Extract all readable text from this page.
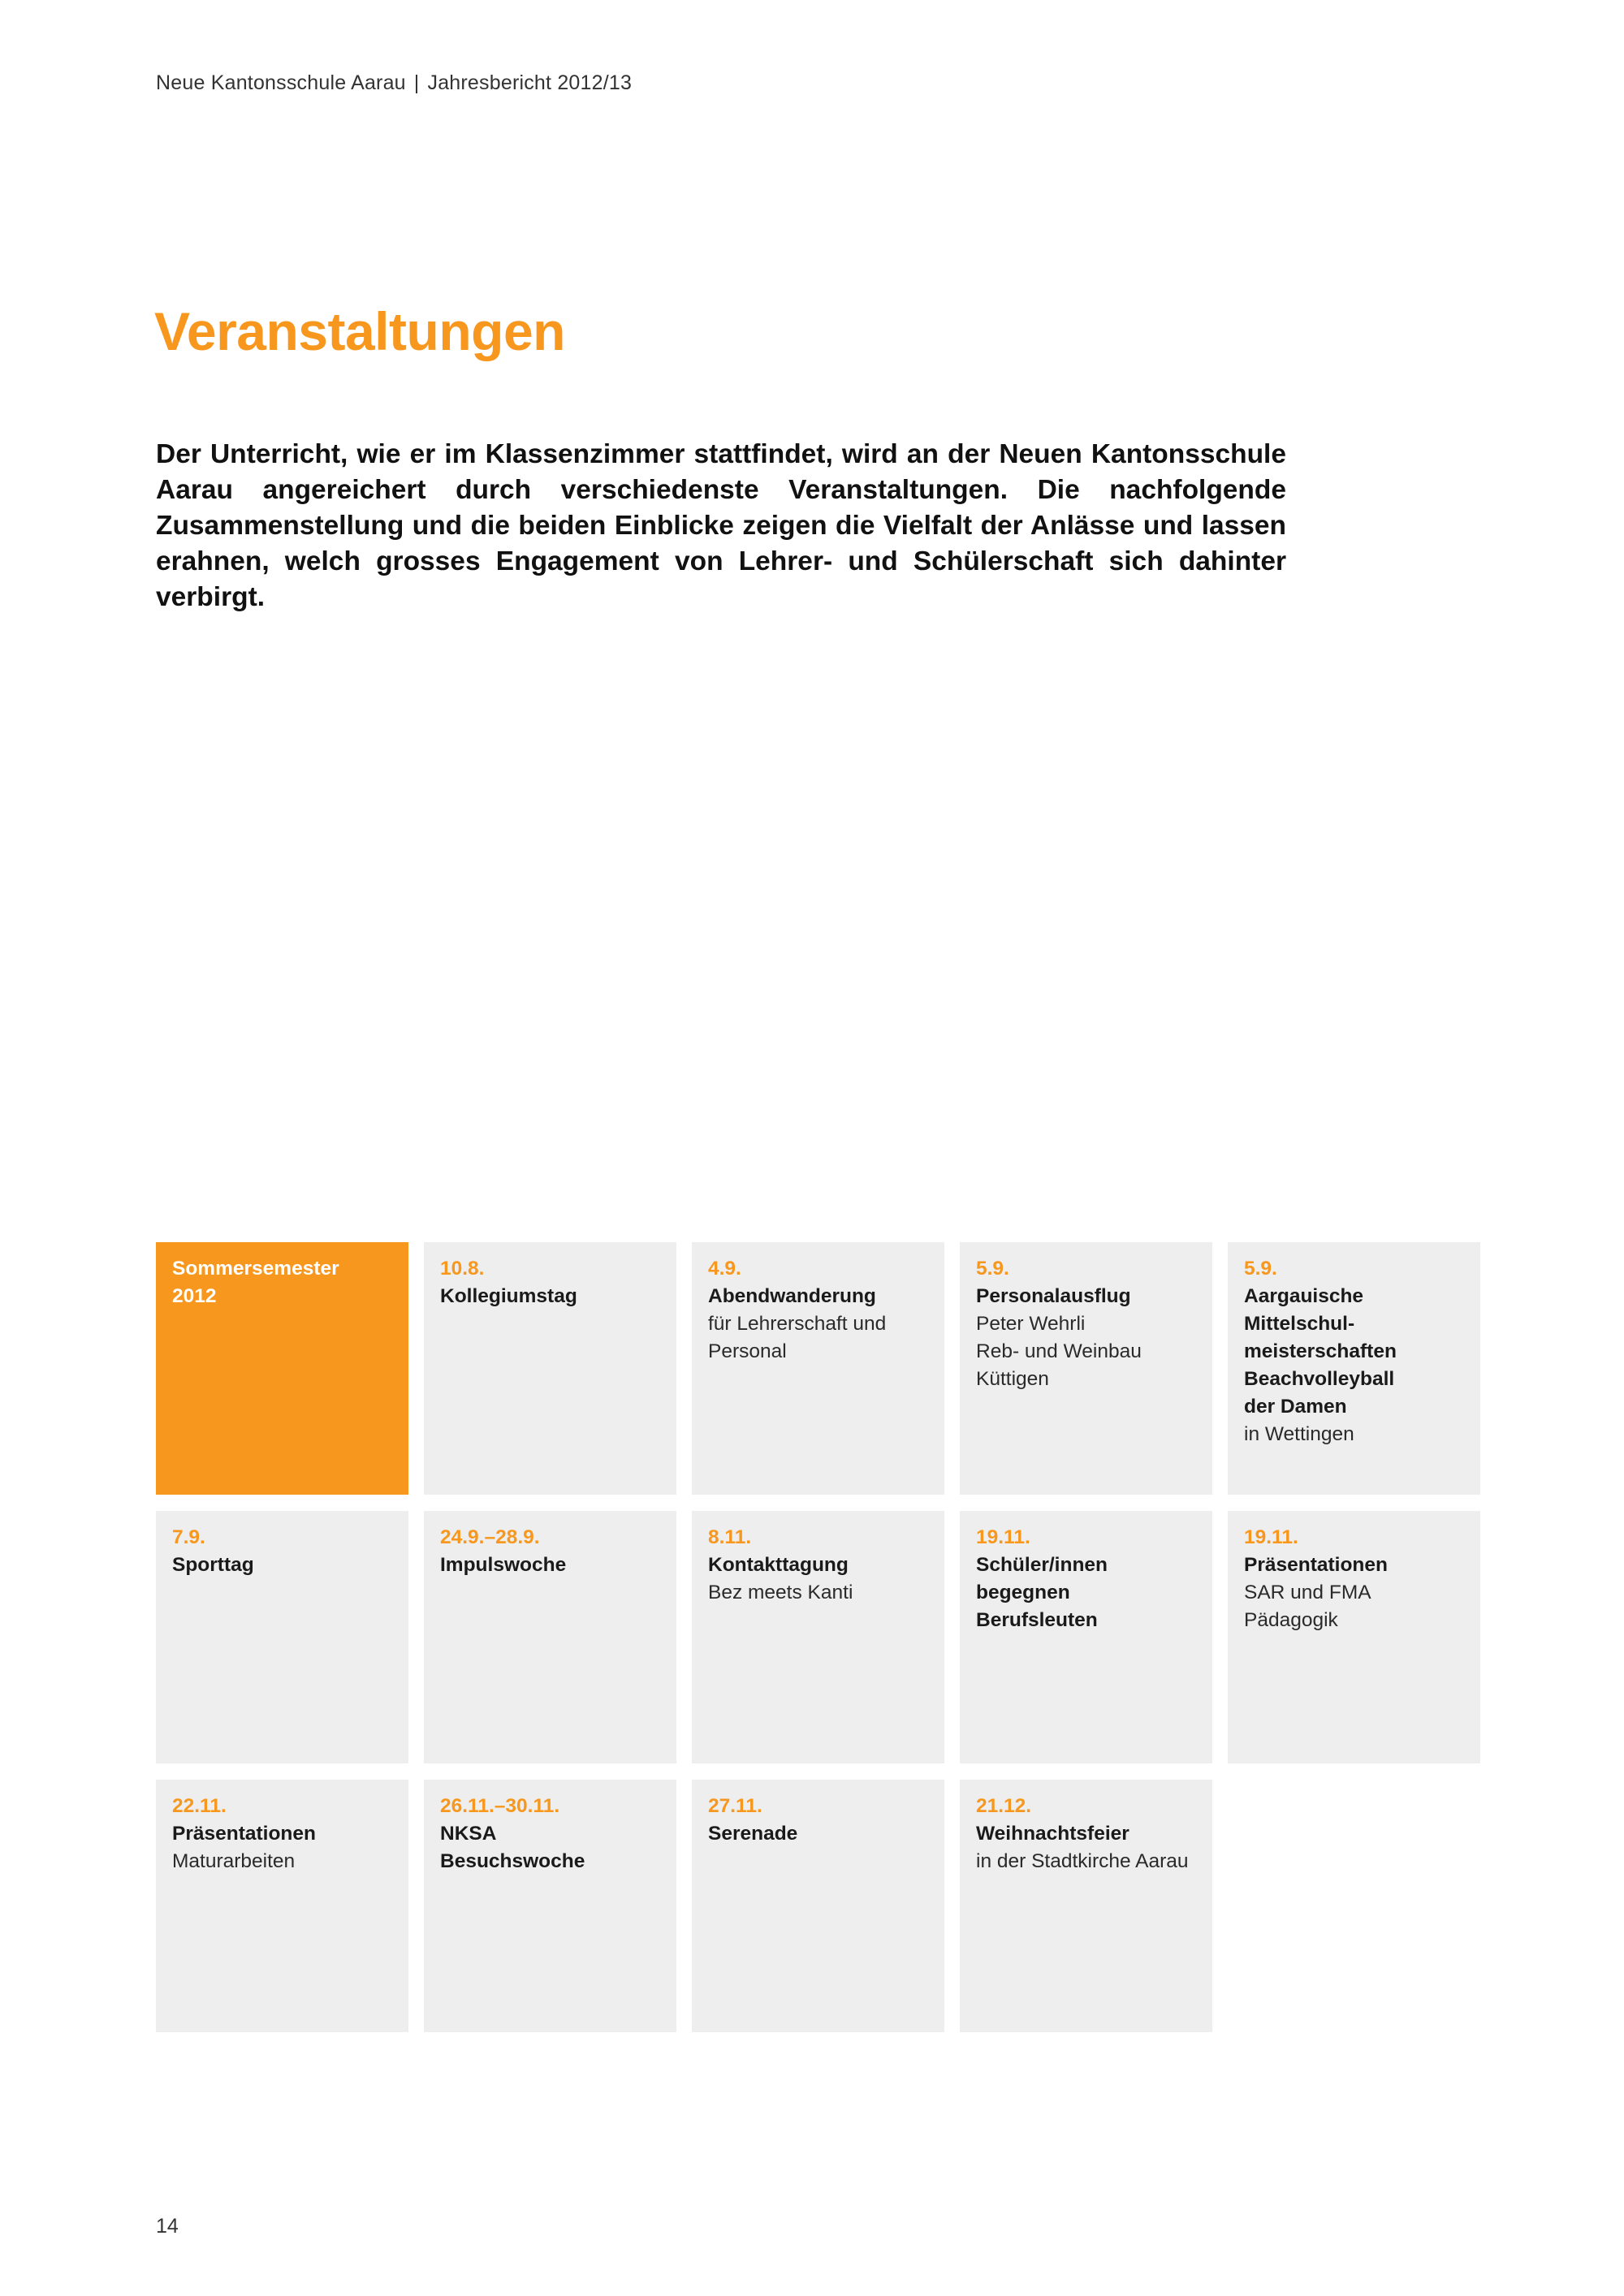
Neue Kantonsschule Aarau | Jahresbericht 2012/13
Veranstaltungen

Der Unterricht, wie er im Klassenzimmer stattfindet, wird an der Neuen Kantonsschule Aarau angereichert durch verschiedenste Veranstaltungen. Die nachfolgende Zusammenstellung und die beiden Einblicke zeigen die Vielfalt der Anlässe und lassen erahnen, welch grosses Engagement von Lehrer- und Schülerschaft sich dahinter verbirgt.

Sommersemester
2012
10.8.
Kollegiumstag
4.9.
Abendwanderung
für Lehrerschaft und
Personal
5.9.
Personalausflug
Peter Wehrli
Reb- und Weinbau
Küttigen
5.9.
Aargauische
Mittelschul-
meisterschaften
Beachvolleyball
der Damen
in Wettingen
7.9.
Sporttag
24.9.–28.9.
Impulswoche
8.11.
Kontakttagung
Bez meets Kanti
19.11.
Schüler/innen
begegnen
Berufsleuten
19.11.
Präsentationen
SAR und FMA
Pädagogik
22.11.
Präsentationen
Maturarbeiten
26.11.–30.11.
NKSA
Besuchswoche
27.11.
Serenade
21.12.
Weihnachtsfeier
in der Stadtkirche Aarau
14
